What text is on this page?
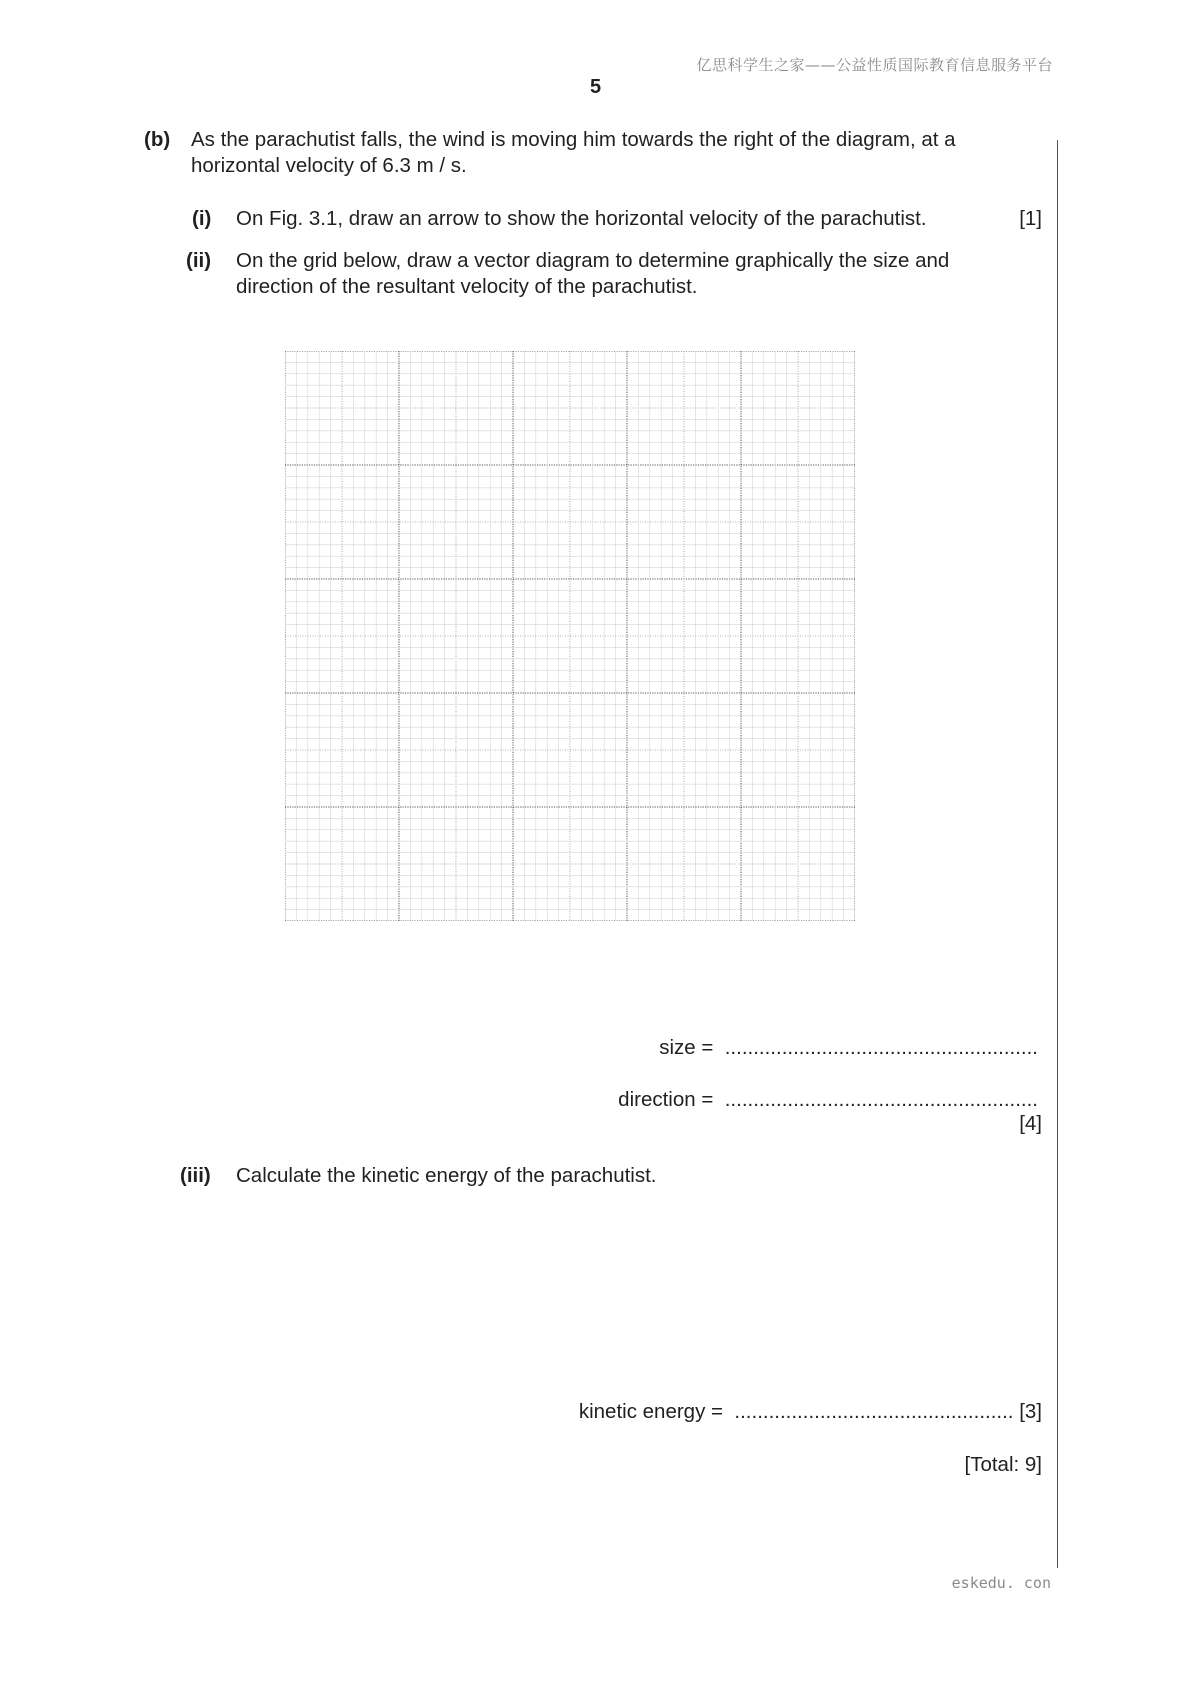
亿思科学生之家——公益性质国际教育信息服务平台
5
(b) As the parachutist falls, the wind is moving him towards the right of the diagram, at a
horizontal velocity of 6.3 m / s.
(i) On Fig. 3.1, draw an arrow to show the horizontal velocity of the parachutist.	[1]
(ii) On the grid below, draw a vector diagram to determine graphically the size and
direction of the resultant velocity of the parachutist.
size = .......................................................
direction = .......................................................
[4]
(iii) Calculate the kinetic energy of the parachutist.
kinetic energy = ................................................. [3]
[Total: 9]
eskedu. con
